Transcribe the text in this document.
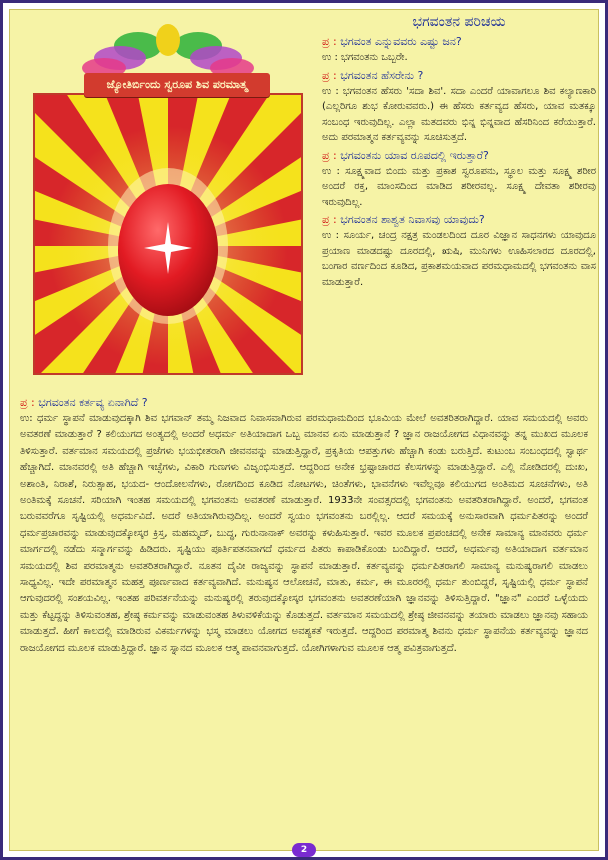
ಜ್ಯೋತಿರ್ಬಿಂದು ಸ್ವರೂಪ ಶಿವ ಪರಮಾತ್ಮ
ಭಗವಂತನ ಪರಿಚಯ
ಪ್ರ : ಭಗವಂತ ಎನ್ನುವವರು ಎಷ್ಟು ಜನ?
ಉ : ಭಗವಂತನು ಒಬ್ಬರೇ.
ಪ್ರ : ಭಗವಂತನ ಹೆಸರೇನು ?
ಉ : ಭಗವಂತನ ಹೆಸರು 'ಸದಾ ಶಿವ'. ಸದಾ ಎಂದರೆ ಯಾವಾಗಲೂ ಶಿವ ಕಲ್ಯಾಣಕಾರಿ (ಎಲ್ಲರಿಗೂ ಶುಭ ಕೋರುವವರು.) ಈ ಹೆಸರು ಕರ್ತವ್ಯದ ಹೆಸರು, ಯಾವ ಮತಕ್ಕೂ ಸಂಬಂಧ ಇರುವುದಿಲ್ಲ. ಎಲ್ಲಾ ಮತದವರು ಭಿನ್ನ ಭಿನ್ನವಾದ ಹೆಸರಿನಿಂದ ಕರೆಯುತ್ತಾರೆ. ಅದು ಪರಮಾತ್ಮನ ಕರ್ತವ್ಯವನ್ನು ಸೂಚಿಸುತ್ತದೆ.
ಪ್ರ : ಭಗವಂತನು ಯಾವ ರೂಪದಲ್ಲಿ ಇರುತ್ತಾರೆ?
ಉ : ಸೂಕ್ಷ್ಮವಾದ ಬಿಂದು ಮತ್ತು ಪ್ರಕಾಶ ಸ್ವರೂಪನು, ಸ್ಥೂಲ ಮತ್ತು ಸೂಕ್ಷ್ಮ ಶರೀರ ಅಂದರೆ ರಕ್ತ, ಮಾಂಸದಿಂದ ಮಾಡಿದ ಶರೀರವಲ್ಲ. ಸೂಕ್ಷ್ಮ ದೇವತಾ ಶರೀರವು ಇರುವುದಿಲ್ಲ.
ಪ್ರ : ಭಗವಂತನ ಶಾಶ್ವತ ನಿವಾಸವು ಯಾವುದು?
ಉ : ಸೂರ್ಯ, ಚಂದ್ರ ನಕ್ಷತ್ರ ಮಂಡಲದಿಂದ ದೂರ ವಿಜ್ಞಾನ ಸಾಧನಗಳು ಯಾವುದೂ ಪ್ರಯಾಣ ಮಾಡದಷ್ಟು ದೂರದಲ್ಲಿ, ಋಷಿ, ಮುನಿಗಳು ಊಹಿಸಲಾರದ ದೂರದಲ್ಲಿ, ಬಂಗಾರ ವರ್ಣದಿಂದ ಕೂಡಿದ, ಪ್ರಕಾಶಮಯವಾದ ಪರಮಧಾಮದಲ್ಲಿ ಭಗವಂತನು ವಾಸ ಮಾಡುತ್ತಾರೆ.
ಪ್ರ : ಭಗವಂತನ ಕರ್ತವ್ಯ ಏನಾಗಿದೆ ?

ಉ: ಧರ್ಮ ಸ್ಥಾಪನೆ ಮಾಡುವುದಕ್ಕಾಗಿ ಶಿವ ಭಗವಾನ್ ತಮ್ಮ ನಿಜವಾದ ನಿವಾಸವಾಗಿರುವ ಪರಮಧಾಮದಿಂದ ಭೂಮಿಯ ಮೇಲೆ ಅವತರಿತರಾಗಿದ್ದಾರೆ. ಯಾವ ಸಮಯದಲ್ಲಿ ಅವರು ಅವತರಣೆ ಮಾಡುತ್ತಾರೆ ? ಕಲಿಯುಗದ ಅಂತ್ಯದಲ್ಲಿ ಅಂದರೆ ಅಧರ್ಮ ಅತಿಯಾದಾಗ ಒಬ್ಬ ಮಾನವ ಏನು ಮಾಡುತ್ತಾನೆ ? ಜ್ಞಾನ ರಾಜಯೋಗದ ವಿಧಾನವನ್ನು ತನ್ನ ಮುಖದ ಮೂಲಕ ತಿಳಿಸುತ್ತಾರೆ. ವರ್ತಮಾನ ಸಮಯದಲ್ಲಿ ಪ್ರಜೆಗಳು ಭಯಭೀತರಾಗಿ ಜೀವನವನ್ನು ಮಾಡುತ್ತಿದ್ದಾರೆ, ಪ್ರಕೃತಿಯ ಆಪತ್ತುಗಳು ಹೆಚ್ಚಾಗಿ ಕಂಡು ಬರುತ್ತಿದೆ. ಕುಟುಂಬ ಸಂಬಂಧದಲ್ಲಿ ಸ್ವಾರ್ಥ ಹೆಚ್ಚಾಗಿದೆ. ಮಾನವರಲ್ಲಿ ಅತಿ ಹೆಚ್ಚಾಗಿ ಇಚ್ಛೆಗಳು, ವಿಕಾರಿ ಗುಣಗಳು ವಿಜೃಂಭಿಸುತ್ತದೆ. ಆದ್ದರಿಂದ ಅನೇಕ ಭ್ರಷ್ಟಾಚಾರದ ಕೆಲಸಗಳನ್ನು ಮಾಡುತ್ತಿದ್ದಾರೆ. ಎಲ್ಲಿ ನೋಡಿದರಲ್ಲಿ ದುಃಖ, ಅಶಾಂತಿ, ನಿರಾಶೆ, ನಿರುತ್ಸಾಹ, ಭಯದ- ಆಂದೋಲನೆಗಳು, ರೋಗದಿಂದ ಕೂಡಿದ ನೋಟಗಳು, ಚಿಂತೆಗಳು, ಭಾವನೆಗಳು ಇವೆಲ್ಲವೂ ಕಲಿಯುಗದ ಅಂತಿಮದ ಸೂಚನೆಗಳು, ಅತಿ ಅಂತಿಮಕ್ಕೆ ಸೂಚನೆ. ಸರಿಯಾಗಿ ಇಂತಹ ಸಮಯದಲ್ಲಿ ಭಗವಂತನು ಅವತರಣೆ ಮಾಡುತ್ತಾರೆ. 1933ನೇ ಸಂವತ್ಸರದಲ್ಲಿ ಭಗವಂತನು ಅವತರಿತರಾಗಿದ್ದಾರೆ. ಅಂದರೆ, ಭಗವಂತ ಬರುವವರೆಗೂ ಸೃಷ್ಟಿಯಲ್ಲಿ ಅಧರ್ಮವಿದೆ. ಅದರೆ ಅತಿಯಾಗಿರುವುದಿಲ್ಲ. ಅಂದರೆ ಸ್ವಯಂ ಭಗವಂತನು ಬರಲ್ಲಿಲ್ಲ. ಆದರೆ ಸಮಯಕ್ಕೆ ಅನುಸಾರವಾಗಿ ಧರ್ಮಪಿತರನ್ನು ಅಂದರೆ ಧರ್ಮಪ್ರಚಾರವನ್ನು ಮಾಡುವುದಕ್ಕೋಸ್ಕರ ಕ್ರಿಸ್ತ, ಮಹಮ್ಮದ್, ಬುದ್ಧ, ಗುರುನಾನಾಕ್ ಅವರನ್ನು ಕಳುಹಿಸುತ್ತಾರೆ. ಇವರ ಮೂಲಕ ಪ್ರಪಂಚದಲ್ಲಿ ಅನೇಕ ಸಾಮಾನ್ಯ ಮಾನವರು ಧರ್ಮ ಮಾರ್ಗದಲ್ಲಿ ನಡೆದು ಸನ್ಮಾರ್ಗವನ್ನು ಹಿಡಿದರು. ಸೃಷ್ಟಿಯು ಪೂರ್ತಿಪತನವಾಗದೆ ಧರ್ಮದ ಪಿತರು ಕಾಪಾಡಿಕೊಂಡು ಬಂದಿದ್ದಾರೆ. ಆದರೆ, ಅಧರ್ಮವು ಅತಿಯಾದಾಗ ವರ್ತಮಾನ ಸಮಯದಲ್ಲಿ ಶಿವ ಪರಮಾತ್ಮನು ಅವತರಿತರಾಗಿದ್ದಾರೆ. ನೂತನ ದೈವೀ ರಾಜ್ಯವನ್ನು ಸ್ಥಾಪನೆ ಮಾಡುತ್ತಾರೆ. ಕರ್ತವ್ಯವನ್ನು ಧರ್ಮಪಿತರಾಗಲಿ ಸಾಮಾನ್ಯ ಮನುಷ್ಯರಾಗಲಿ ಮಾಡಲು ಸಾಧ್ಯವಿಲ್ಲ. ಇದೇ ಪರಮಾತ್ಮನ ಮಹತ್ತ ಪೂರ್ಣವಾದ ಕರ್ತವ್ಯವಾಗಿದೆ. ಮನುಷ್ಯನ ಆಲೋಚನೆ, ಮಾತು, ಕರ್ಮ, ಈ ಮೂರರಲ್ಲಿ ಧರ್ಮ ತುಂಬಿದ್ದರೆ, ಸೃಷ್ಟಿಯಲ್ಲಿ ಧರ್ಮ ಸ್ಥಾಪನೆ ಆಗುವುದರಲ್ಲಿ ಸಂಶಯವಿಲ್ಲ. ಇಂತಹ ಪರಿವರ್ತನೆಯನ್ನು ಮನುಷ್ಯರಲ್ಲಿ ತರುವುದಕ್ಕೋಸ್ಕರ ಭಗವಂತನು ಅವತರಣೆಯಾಗಿ ಜ್ಞಾನವನ್ನು ತಿಳಿಸುತ್ತಿದ್ದಾರೆ. "ಜ್ಞಾನ" ಎಂದರೆ ಒಳ್ಳೆಯದು ಮತ್ತು ಕೆಟ್ಟದ್ದನ್ನು ತಿಳಿಸುವಂತಹ, ಶ್ರೇಷ್ಠ ಕರ್ಮವನ್ನು ಮಾಡುವಂತಹ ತಿಳುವಳಿಕೆಯನ್ನು ಕೊಡುತ್ತದೆ. ವರ್ತಮಾನ ಸಮಯದಲ್ಲಿ ಶ್ರೇಷ್ಠ ಜೀವನವನ್ನು ತಯಾರು ಮಾಡಲು ಜ್ಞಾನವು ಸಹಾಯ ಮಾಡುತ್ತದೆ. ಹೀಗೆ ಕಾಲದಲ್ಲಿ ಮಾಡಿರುವ ವಿಕರ್ಮಗಳನ್ನು ಭಸ್ಮ ಮಾಡಲು ಯೋಗದ ಅವಶ್ಯಕತೆ ಇರುತ್ತದೆ. ಆದ್ದರಿಂದ ಪರಮಾತ್ಮ ಶಿವನು ಧರ್ಮ ಸ್ಥಾಪನೆಯ ಕರ್ತವ್ಯವನ್ನು ಜ್ಞಾನದ ರಾಜಯೋಗದ ಮೂಲಕ ಮಾಡುತ್ತಿದ್ದಾರೆ. ಜ್ಞಾನ ಸ್ನಾನದ ಮೂಲಕ ಆತ್ಮ ಪಾವನವಾಗುತ್ತದೆ. ಯೋಗಿಗಳಾಗುವ ಮೂಲಕ ಆತ್ಮ ಪವಿತ್ರವಾಗುತ್ತದೆ.

2
